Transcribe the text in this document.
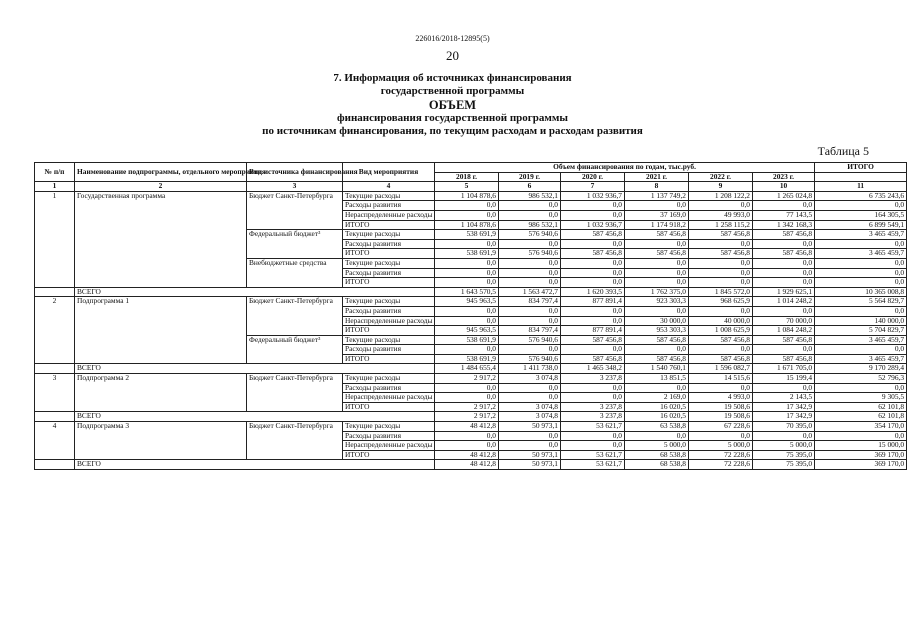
226016/2018-12895(5)
20
7. Информация об источниках финансирования
государственной программы
ОБЪЕМ
финансирования государственной программы
по источникам финансирования, по текущим расходам и расходам развития
Таблица 5
№ п/п	Наименование подпрограммы, отдельного мероприятия	Вид источника финансирования	Вид мероприятия	Объем финансирования по годам, тыс.руб.						ИТОГО
				2018 г.	2019 г.	2020 г.	2021 г.	2022 г.	2023 г.	
1	2	3	4	5	6	7	8	9	10	11
1	Государственная программа	Бюджет Санкт-Петербурга	Текущие расходы	1 104 878,6	986 532,1	1 032 936,7	1 137 749,2	1 208 122,2	1 265 024,8	6 735 243,6
			Расходы развития	0,0	0,0	0,0	0,0	0,0	0,0	0,0
			Нераспределенные расходы	0,0	0,0	0,0	37 169,0	49 993,0	77 143,5	164 305,5
			ИТОГО	1 104 878,6	986 532,1	1 032 936,7	1 174 918,2	1 258 115,2	1 342 168,3	6 899 549,1
		Федеральный бюджет³	Текущие расходы	538 691,9	576 940,6	587 456,8	587 456,8	587 456,8	587 456,8	3 465 459,7
			Расходы развития	0,0	0,0	0,0	0,0	0,0	0,0	0,0
			ИТОГО	538 691,9	576 940,6	587 456,8	587 456,8	587 456,8	587 456,8	3 465 459,7
		Внебюджетные средства	Текущие расходы	0,0	0,0	0,0	0,0	0,0	0,0	0,0
			Расходы развития	0,0	0,0	0,0	0,0	0,0	0,0	0,0
			ИТОГО	0,0	0,0	0,0	0,0	0,0	0,0	0,0
	ВСЕГО			1 643 570,5	1 563 472,7	1 620 393,5	1 762 375,0	1 845 572,0	1 929 625,1	10 365 008,8
2	Подпрограмма 1	Бюджет Санкт-Петербурга	Текущие расходы	945 963,5	834 797,4	877 891,4	923 303,3	968 625,9	1 014 248,2	5 564 829,7
			Расходы развития	0,0	0,0	0,0	0,0	0,0	0,0	0,0
			Нераспределенные расходы	0,0	0,0	0,0	30 000,0	40 000,0	70 000,0	140 000,0
			ИТОГО	945 963,5	834 797,4	877 891,4	953 303,3	1 008 625,9	1 084 248,2	5 704 829,7
		Федеральный бюджет³	Текущие расходы	538 691,9	576 940,6	587 456,8	587 456,8	587 456,8	587 456,8	3 465 459,7
			Расходы развития	0,0	0,0	0,0	0,0	0,0	0,0	0,0
			ИТОГО	538 691,9	576 940,6	587 456,8	587 456,8	587 456,8	587 456,8	3 465 459,7
	ВСЕГО			1 484 655,4	1 411 738,0	1 465 348,2	1 540 760,1	1 596 082,7	1 671 705,0	9 170 289,4
3	Подпрограмма 2	Бюджет Санкт-Петербурга	Текущие расходы	2 917,2	3 074,8	3 237,8	13 851,5	14 515,6	15 199,4	52 796,3
			Расходы развития	0,0	0,0	0,0	0,0	0,0	0,0	0,0
			Нераспределенные расходы	0,0	0,0	0,0	2 169,0	4 993,0	2 143,5	9 305,5
			ИТОГО	2 917,2	3 074,8	3 237,8	16 020,5	19 508,6	17 342,9	62 101,8
	ВСЕГО			2 917,2	3 074,8	3 237,8	16 020,5	19 508,6	17 342,9	62 101,8
4	Подпрограмма 3	Бюджет Санкт-Петербурга	Текущие расходы	48 412,8	50 973,1	53 621,7	63 538,8	67 228,6	70 395,0	354 170,0
			Расходы развития	0,0	0,0	0,0	0,0	0,0	0,0	0,0
			Нераспределенные расходы	0,0	0,0	0,0	5 000,0	5 000,0	5 000,0	15 000,0
			ИТОГО	48 412,8	50 973,1	53 621,7	68 538,8	72 228,6	75 395,0	369 170,0
	ВСЕГО			48 412,8	50 973,1	53 621,7	68 538,8	72 228,6	75 395,0	369 170,0
